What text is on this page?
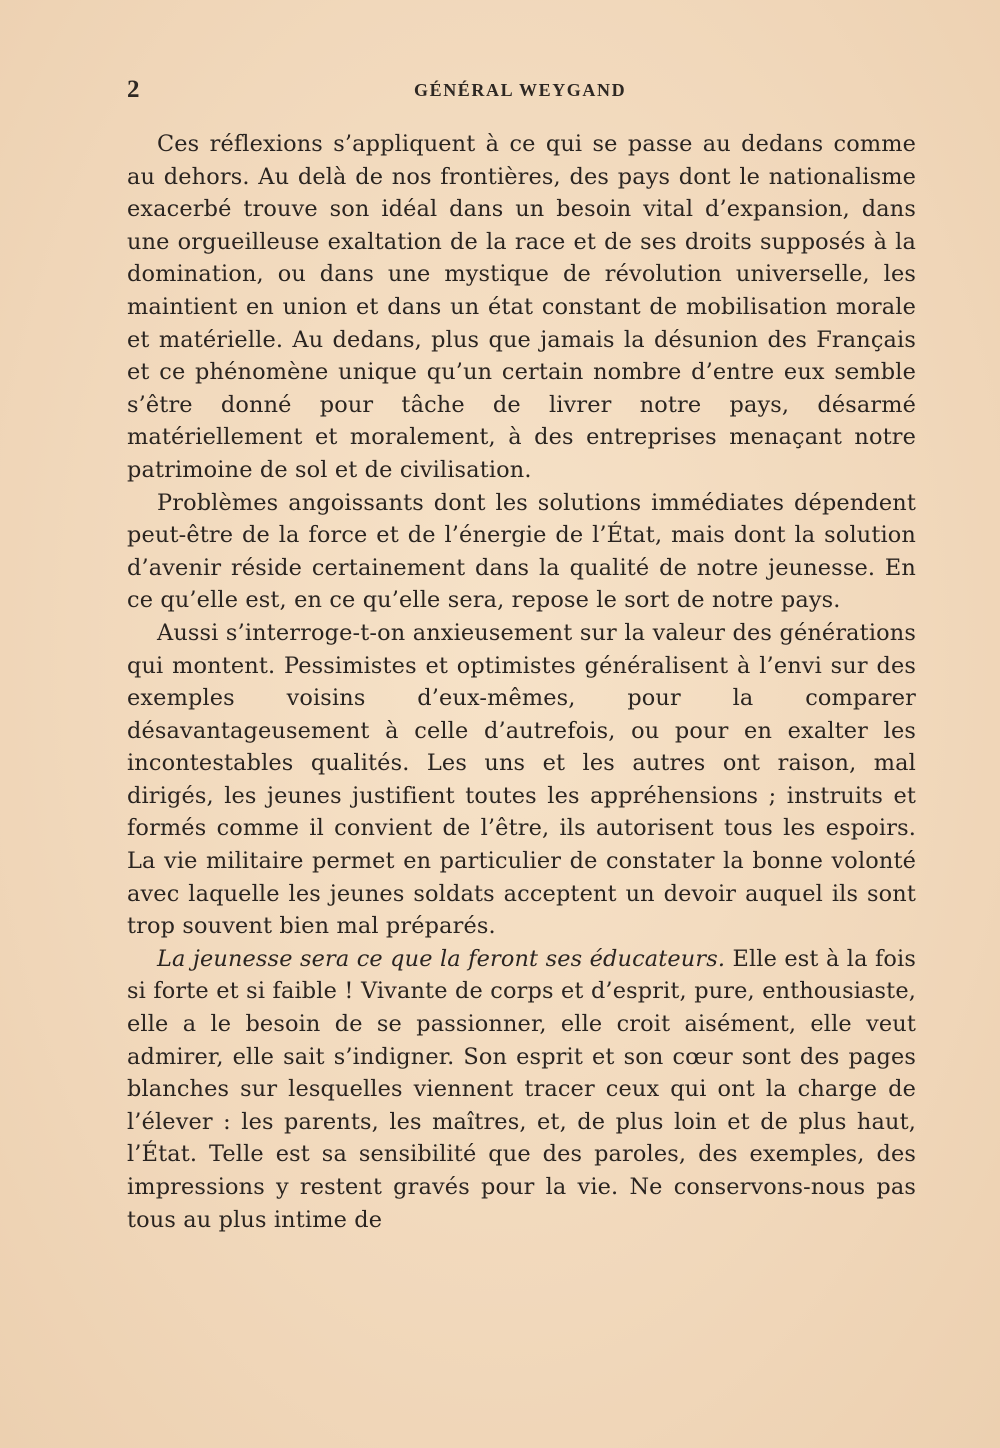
2	GÉNÉRAL WEYGAND

Ces réflexions s’appliquent à ce qui se passe au dedans comme au dehors. Au delà de nos frontières, des pays dont le nationalisme exacerbé trouve son idéal dans un besoin vital d’expansion, dans une orgueilleuse exaltation de la race et de ses droits supposés à la domination, ou dans une mystique de révolution universelle, les maintient en union et dans un état constant de mobilisation morale et matérielle. Au dedans, plus que jamais la désunion des Français et ce phénomène unique qu’un certain nombre d’entre eux semble s’être donné pour tâche de livrer notre pays, désarmé matériellement et moralement, à des entreprises menaçant notre patrimoine de sol et de civilisation.

Problèmes angoissants dont les solutions immédiates dépendent peut-être de la force et de l’énergie de l’État, mais dont la solution d’avenir réside certainement dans la qualité de notre jeunesse. En ce qu’elle est, en ce qu’elle sera, repose le sort de notre pays.

Aussi s’interroge-t-on anxieusement sur la valeur des générations qui montent. Pessimistes et optimistes généralisent à l’envi sur des exemples voisins d’eux-mêmes, pour la comparer désavantageusement à celle d’autrefois, ou pour en exalter les incontestables qualités. Les uns et les autres ont raison, mal dirigés, les jeunes justifient toutes les appréhensions ; instruits et formés comme il convient de l’être, ils autorisent tous les espoirs. La vie militaire permet en particulier de constater la bonne volonté avec laquelle les jeunes soldats acceptent un devoir auquel ils sont trop souvent bien mal préparés.

La jeunesse sera ce que la feront ses éducateurs. Elle est à la fois si forte et si faible ! Vivante de corps et d’esprit, pure, enthousiaste, elle a le besoin de se passionner, elle croit aisément, elle veut admirer, elle sait s’indigner. Son esprit et son cœur sont des pages blanches sur lesquelles viennent tracer ceux qui ont la charge de l’élever : les parents, les maîtres, et, de plus loin et de plus haut, l’État. Telle est sa sensibilité que des paroles, des exemples, des impressions y restent gravés pour la vie. Ne conservons-nous pas tous au plus intime de
